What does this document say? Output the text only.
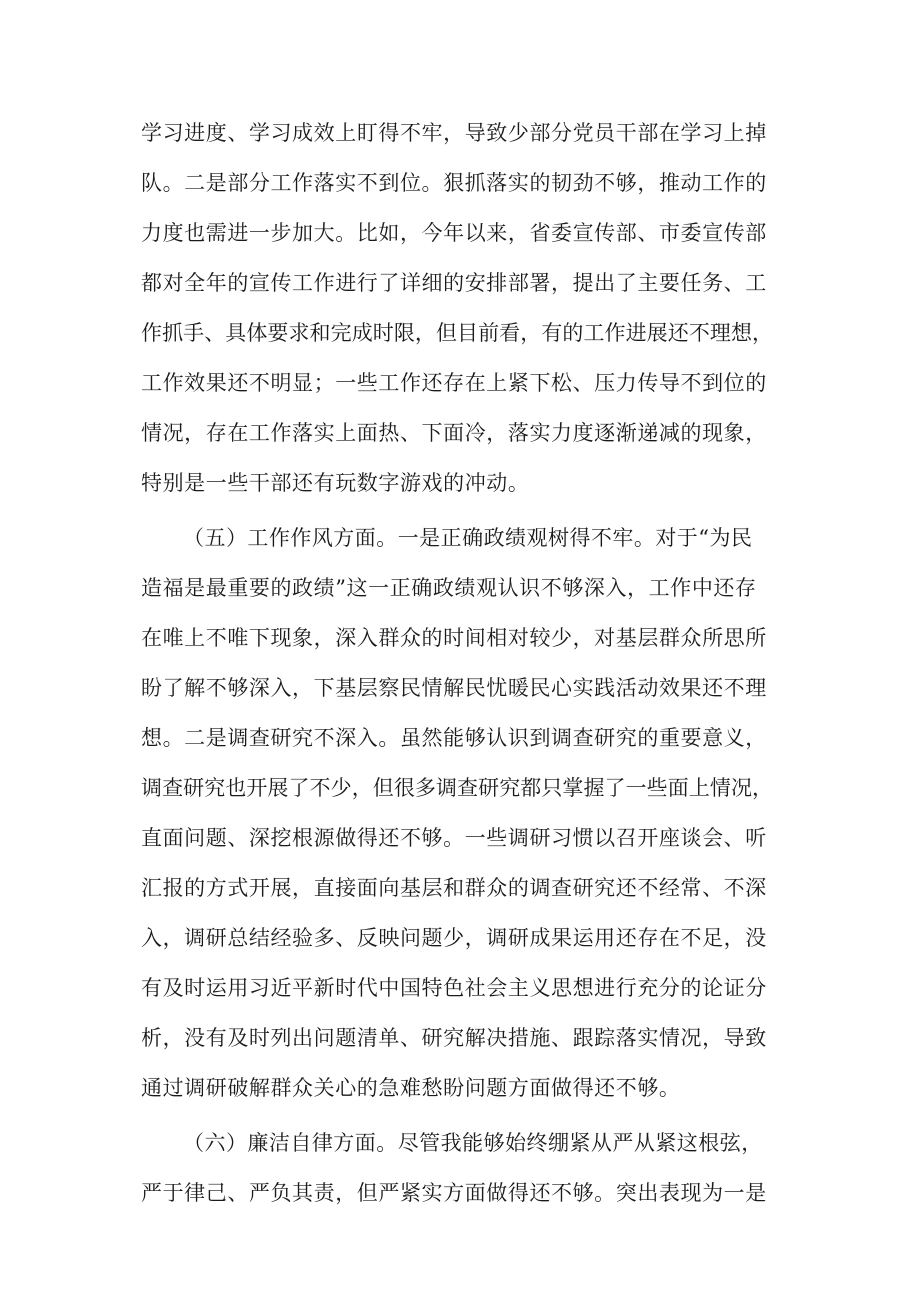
学习进度、学习成效上盯得不牢，导致少部分党员干部在学习上掉

队。二是部分工作落实不到位。狠抓落实的韧劲不够，推动工作的

力度也需进一步加大。比如，今年以来，省委宣传部、市委宣传部

都对全年的宣传工作进行了详细的安排部署，提出了主要任务、工

作抓手、具体要求和完成时限，但目前看，有的工作进展还不理想，

工作效果还不明显；一些工作还存在上紧下松、压力传导不到位的

情况，存在工作落实上面热、下面冷，落实力度逐渐递减的现象，

特别是一些干部还有玩数字游戏的冲动。

（五）工作作风方面。一是正确政绩观树得不牢。对于“为民

造福是最重要的政绩”这一正确政绩观认识不够深入，工作中还存

在唯上不唯下现象，深入群众的时间相对较少，对基层群众所思所

盼了解不够深入，下基层察民情解民忧暖民心实践活动效果还不理

想。二是调查研究不深入。虽然能够认识到调查研究的重要意义，

调查研究也开展了不少，但很多调查研究都只掌握了一些面上情况，

直面问题、深挖根源做得还不够。一些调研习惯以召开座谈会、听

汇报的方式开展，直接面向基层和群众的调查研究还不经常、不深

入，调研总结经验多、反映问题少，调研成果运用还存在不足，没

有及时运用习近平新时代中国特色社会主义思想进行充分的论证分

析，没有及时列出问题清单、研究解决措施、跟踪落实情况，导致

通过调研破解群众关心的急难愁盼问题方面做得还不够。

（六）廉洁自律方面。尽管我能够始终绷紧从严从紧这根弦，

严于律己、严负其责，但严紧实方面做得还不够。突出表现为一是
